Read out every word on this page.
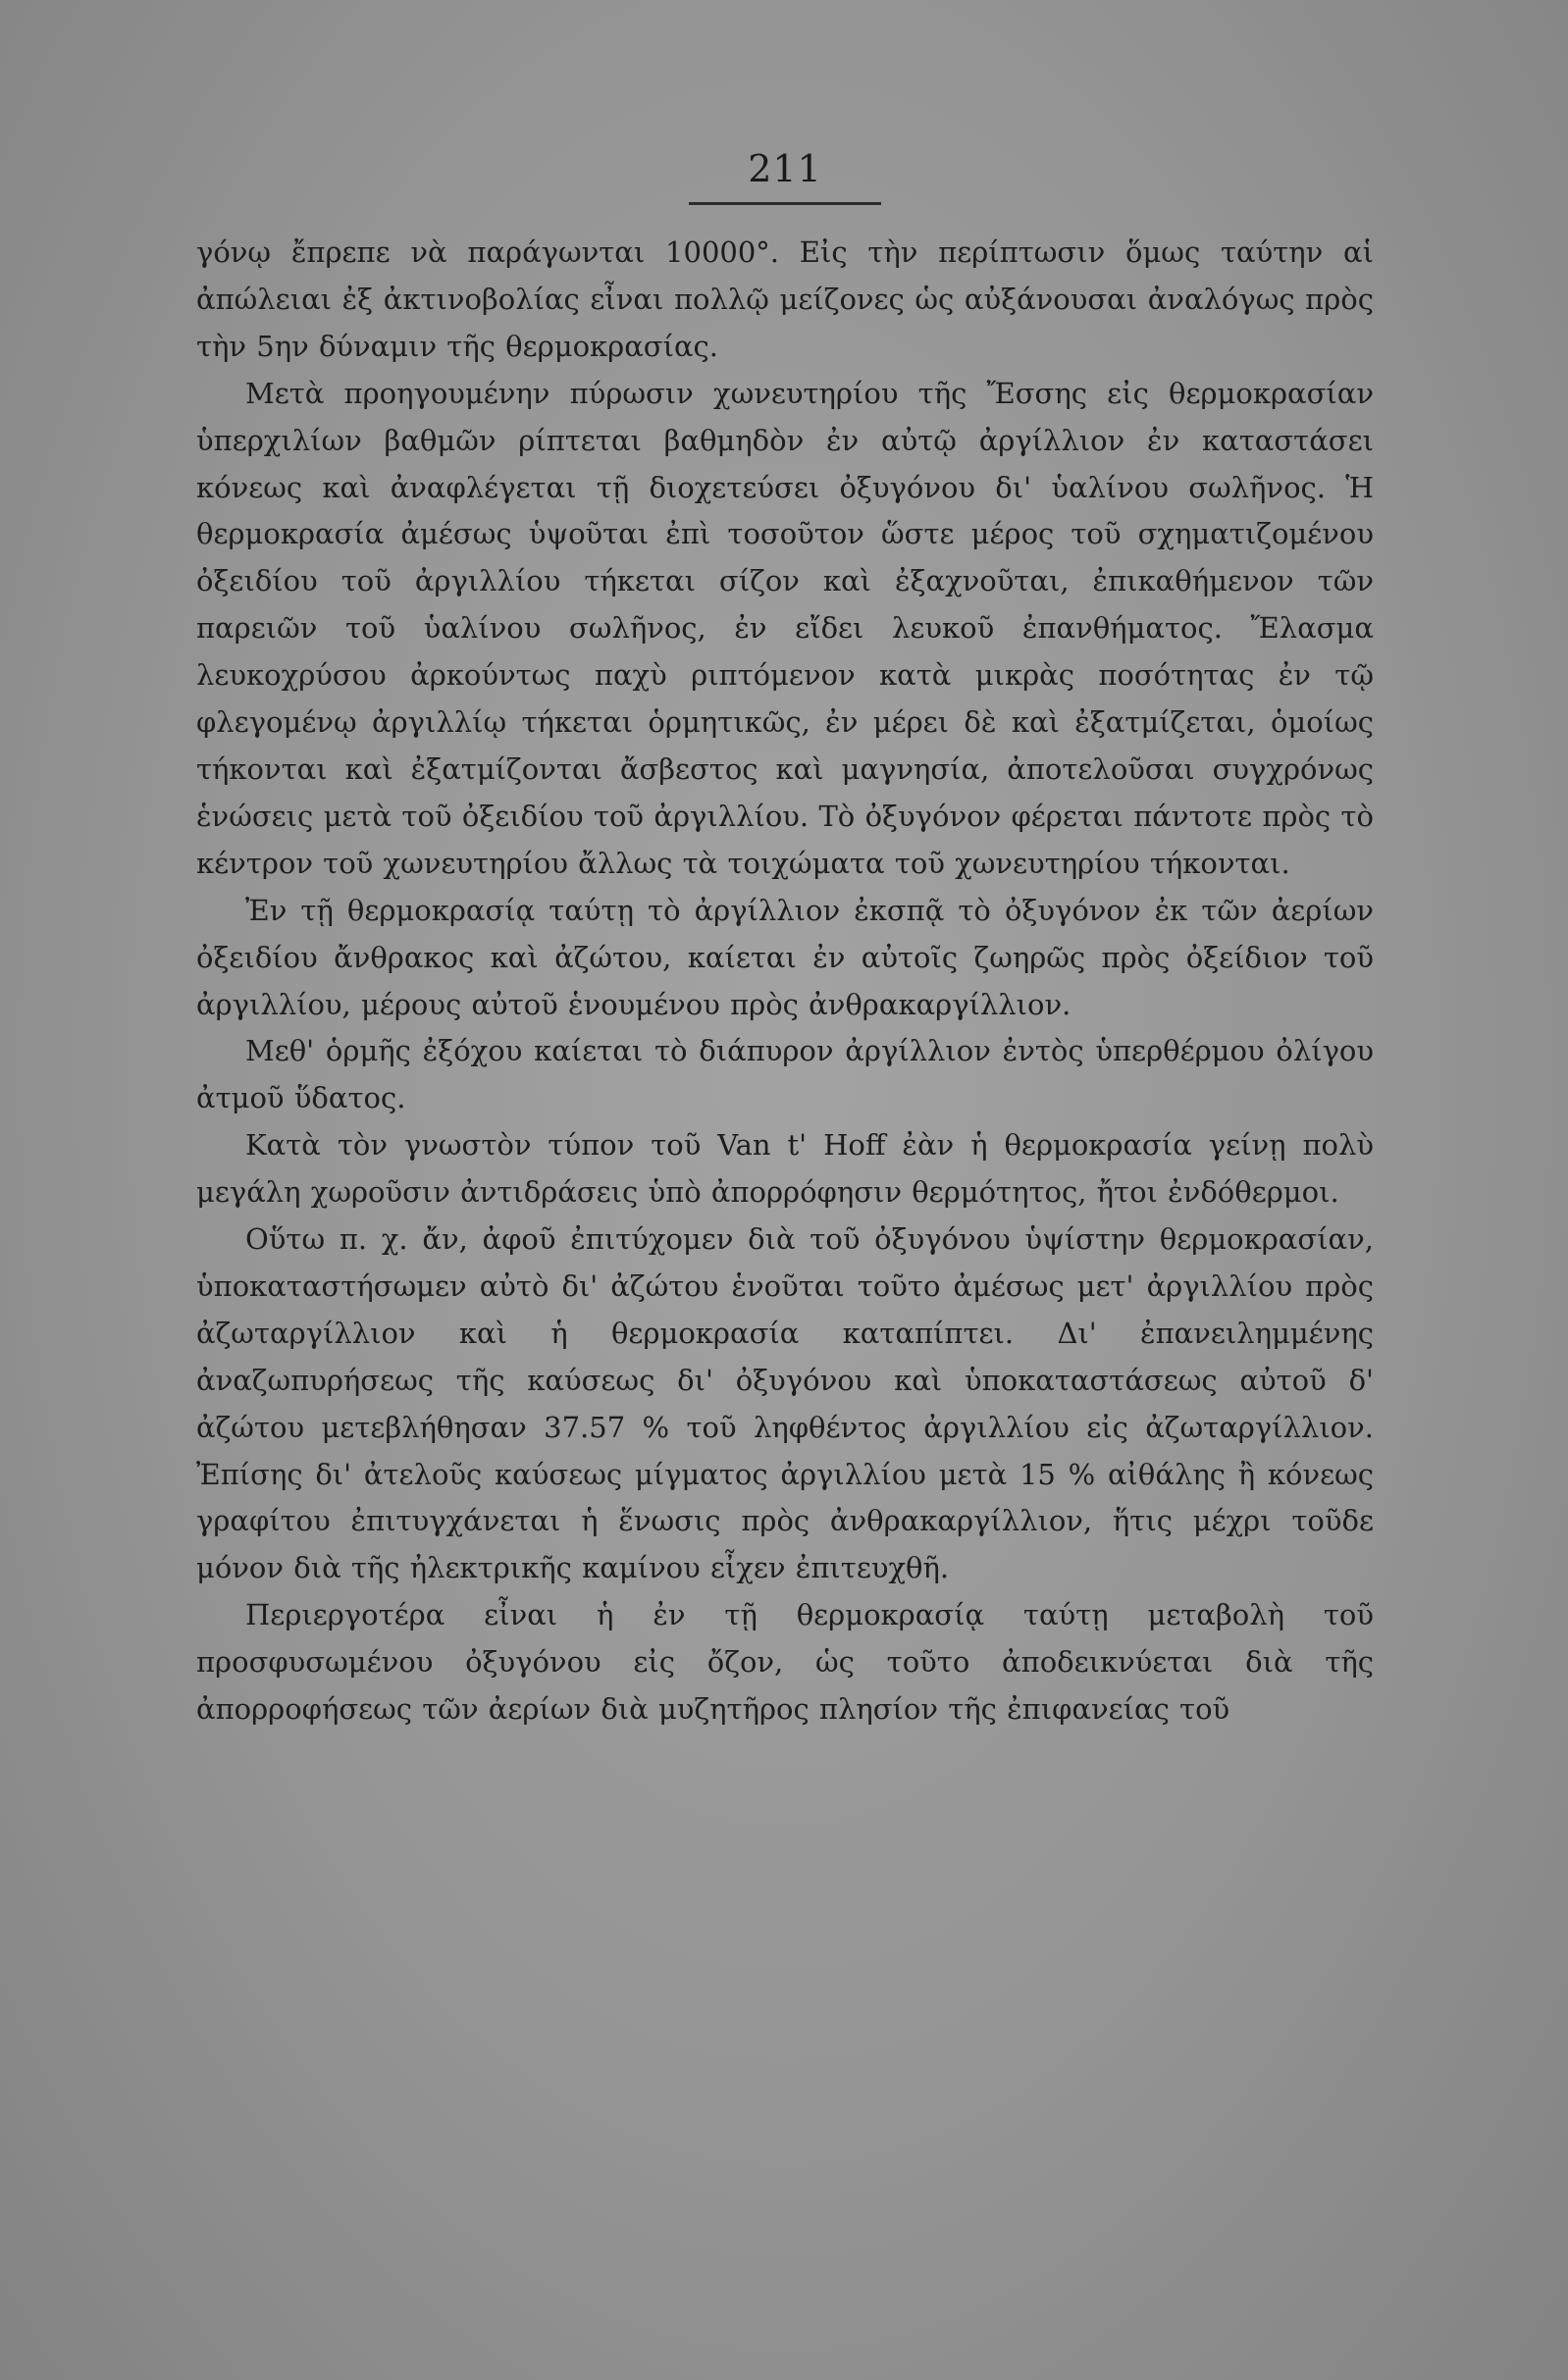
211

γόνῳ ἔπρεπε νὰ παράγωνται 10000°. Εἰς τὴν περίπτωσιν ὅμως ταύτην αἱ ἀπώλειαι ἐξ ἀκτινοβολίας εἶναι πολλῷ μείζονες ὡς αὐξάνουσαι ἀναλόγως πρὸς τὴν 5ην δύναμιν τῆς θερμοκρασίας.

Μετὰ προηγουμένην πύρωσιν χωνευτηρίου τῆς Ἔσσης εἰς θερμοκρασίαν ὑπερχιλίων βαθμῶν ρίπτεται βαθμηδὸν ἐν αὐτῷ ἀργίλλιον ἐν καταστάσει κόνεως καὶ ἀναφλέγεται τῇ διοχετεύσει ὀξυγόνου δι' ὑαλίνου σωλῆνος. Ἡ θερμοκρασία ἀμέσως ὑψοῦται ἐπὶ τοσοῦτον ὥστε μέρος τοῦ σχηματιζομένου ὀξειδίου τοῦ ἀργιλλίου τήκεται σίζον καὶ ἐξαχνοῦται, ἐπικαθήμενον τῶν παρειῶν τοῦ ὑαλίνου σωλῆνος, ἐν εἴδει λευκοῦ ἐπανθήματος. Ἔλασμα λευκοχρύσου ἀρκούντως παχὺ ριπτόμενον κατὰ μικρὰς ποσότητας ἐν τῷ φλεγομένῳ ἀργιλλίῳ τήκεται ὁρμητικῶς, ἐν μέρει δὲ καὶ ἐξατμίζεται, ὁμοίως τήκονται καὶ ἐξατμίζονται ἄσβεστος καὶ μαγνησία, ἀποτελοῦσαι συγχρόνως ἑνώσεις μετὰ τοῦ ὀξειδίου τοῦ ἀργιλλίου. Τὸ ὀξυγόνον φέρεται πάντοτε πρὸς τὸ κέντρον τοῦ χωνευτηρίου ἄλλως τὰ τοιχώματα τοῦ χωνευτηρίου τήκονται.

Ἐν τῇ θερμοκρασίᾳ ταύτῃ τὸ ἀργίλλιον ἐκσπᾷ τὸ ὀξυγόνον ἐκ τῶν ἀερίων ὀξειδίου ἄνθρακος καὶ ἀζώτου, καίεται ἐν αὐτοῖς ζωηρῶς πρὸς ὀξείδιον τοῦ ἀργιλλίου, μέρους αὐτοῦ ἑνουμένου πρὸς ἀνθρακαργίλλιον.

Μεθ' ὁρμῆς ἐξόχου καίεται τὸ διάπυρον ἀργίλλιον ἐντὸς ὑπερθέρμου ὀλίγου ἀτμοῦ ὕδατος.

Κατὰ τὸν γνωστὸν τύπον τοῦ Van t' Hoff ἐὰν ἡ θερμοκρασία γείνῃ πολὺ μεγάλη χωροῦσιν ἀντιδράσεις ὑπὸ ἀπορρόφησιν θερμότητος, ἤτοι ἐνδόθερμοι.

Οὕτω π. χ. ἄν, ἀφοῦ ἐπιτύχομεν διὰ τοῦ ὀξυγόνου ὑψίστην θερμοκρασίαν, ὑποκαταστήσωμεν αὐτὸ δι' ἀζώτου ἑνοῦται τοῦτο ἀμέσως μετ' ἀργιλλίου πρὸς ἀζωταργίλλιον καὶ ἡ θερμοκρασία καταπίπτει. Δι' ἐπανειλημμένης ἀναζωπυρήσεως τῆς καύσεως δι' ὀξυγόνου καὶ ὑποκαταστάσεως αὐτοῦ δ' ἀζώτου μετεβλήθησαν 37.57 % τοῦ ληφθέντος ἀργιλλίου εἰς ἀζωταργίλλιον. Ἐπίσης δι' ἀτελοῦς καύσεως μίγματος ἀργιλλίου μετὰ 15 % αἰθάλης ἢ κόνεως γραφίτου ἐπιτυγχάνεται ἡ ἕνωσις πρὸς ἀνθρακαργίλλιον, ἥτις μέχρι τοῦδε μόνον διὰ τῆς ἠλεκτρικῆς καμίνου εἶχεν ἐπιτευχθῆ.

Περιεργοτέρα εἶναι ἡ ἐν τῇ θερμοκρασίᾳ ταύτῃ μεταβολὴ τοῦ προσφυσωμένου ὀξυγόνου εἰς ὄζον, ὡς τοῦτο ἀποδεικνύεται διὰ τῆς ἀπορροφήσεως τῶν ἀερίων διὰ μυζητῆρος πλησίον τῆς ἐπιφανείας τοῦ
